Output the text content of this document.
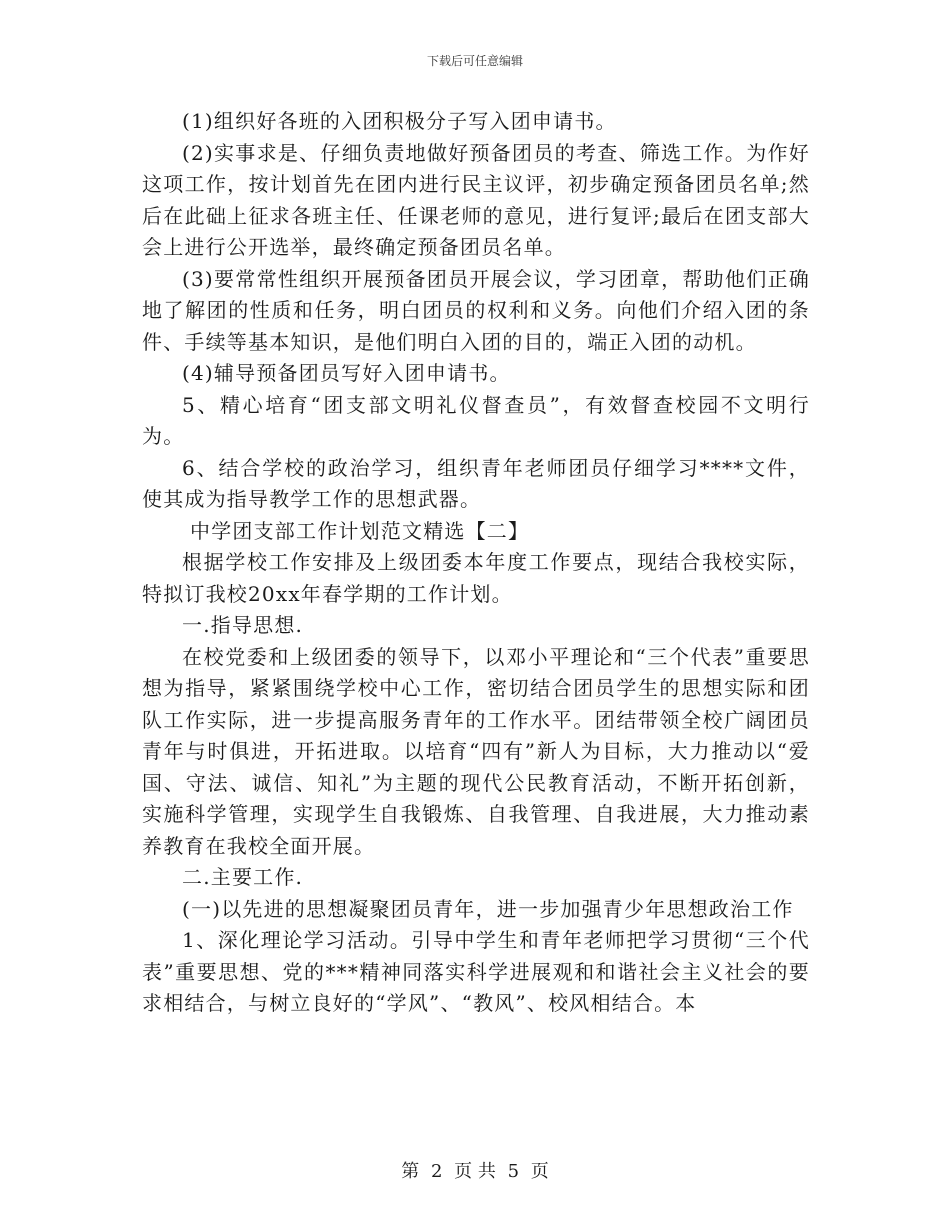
下载后可任意编辑

(1)组织好各班的入团积极分子写入团申请书。

(2)实事求是、仔细负责地做好预备团员的考查、筛选工作。为作好这项工作，按计划首先在团内进行民主议评，初步确定预备团员名单;然后在此础上征求各班主任、任课老师的意见，进行复评;最后在团支部大会上进行公开选举，最终确定预备团员名单。

(3)要常常性组织开展预备团员开展会议，学习团章，帮助他们正确地了解团的性质和任务，明白团员的权利和义务。向他们介绍入团的条件、手续等基本知识，是他们明白入团的目的，端正入团的动机。

(4)辅导预备团员写好入团申请书。

5、精心培育“团支部文明礼仪督查员”，有效督查校园不文明行为。

6、结合学校的政治学习，组织青年老师团员仔细学习****文件，使其成为指导教学工作的思想武器。

中学团支部工作计划范文精选【二】

根据学校工作安排及上级团委本年度工作要点，现结合我校实际，特拟订我校20xx年春学期的工作计划。

一.指导思想.

在校党委和上级团委的领导下，以邓小平理论和“三个代表”重要思想为指导，紧紧围绕学校中心工作，密切结合团员学生的思想实际和团队工作实际，进一步提高服务青年的工作水平。团结带领全校广阔团员青年与时俱进，开拓进取。以培育“四有”新人为目标，大力推动以“爱国、守法、诚信、知礼”为主题的现代公民教育活动，不断开拓创新，实施科学管理，实现学生自我锻炼、自我管理、自我进展，大力推动素养教育在我校全面开展。

二.主要工作.

(一)以先进的思想凝聚团员青年，进一步加强青少年思想政治工作

1、深化理论学习活动。引导中学生和青年老师把学习贯彻“三个代表”重要思想、党的***精神同落实科学进展观和和谐社会主义社会的要求相结合，与树立良好的“学风”、“教风”、校风相结合。本

第 2 页 共 5 页
